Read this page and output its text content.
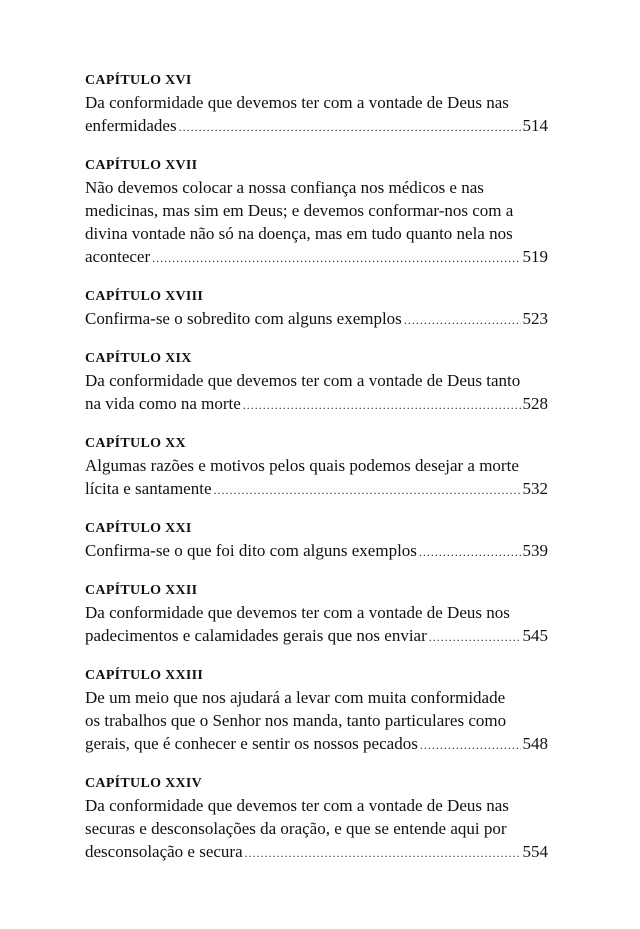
CAPÍTULO XVI
Da conformidade que devemos ter com a vontade de Deus nas
enfermidades .....	514
CAPÍTULO XVII
Não devemos colocar a nossa confiança nos médicos e nas
medicinas, mas sim em Deus; e devemos conformar-nos com a
divina vontade não só na doença, mas em tudo quanto nela nos
acontecer .....	519
CAPÍTULO XVIII
Confirma-se o sobredito com alguns exemplos .....	523
CAPÍTULO XIX
Da conformidade que devemos ter com a vontade de Deus tanto
na vida como na morte .....	528
CAPÍTULO XX
Algumas razões e motivos pelos quais podemos desejar a morte
lícita e santamente .....	532
CAPÍTULO XXI
Confirma-se o que foi dito com alguns exemplos .....	539
CAPÍTULO XXII
Da conformidade que devemos ter com a vontade de Deus nos
padecimentos e calamidades gerais que nos enviar .....	545
CAPÍTULO XXIII
De um meio que nos ajudará a levar com muita conformidade
os trabalhos que o Senhor nos manda, tanto particulares como
gerais, que é conhecer e sentir os nossos pecados .....	548
CAPÍTULO XXIV
Da conformidade que devemos ter com a vontade de Deus nas
securas e desconsolações da oração, e que se entende aqui por
desconsolação e secura .....	554
